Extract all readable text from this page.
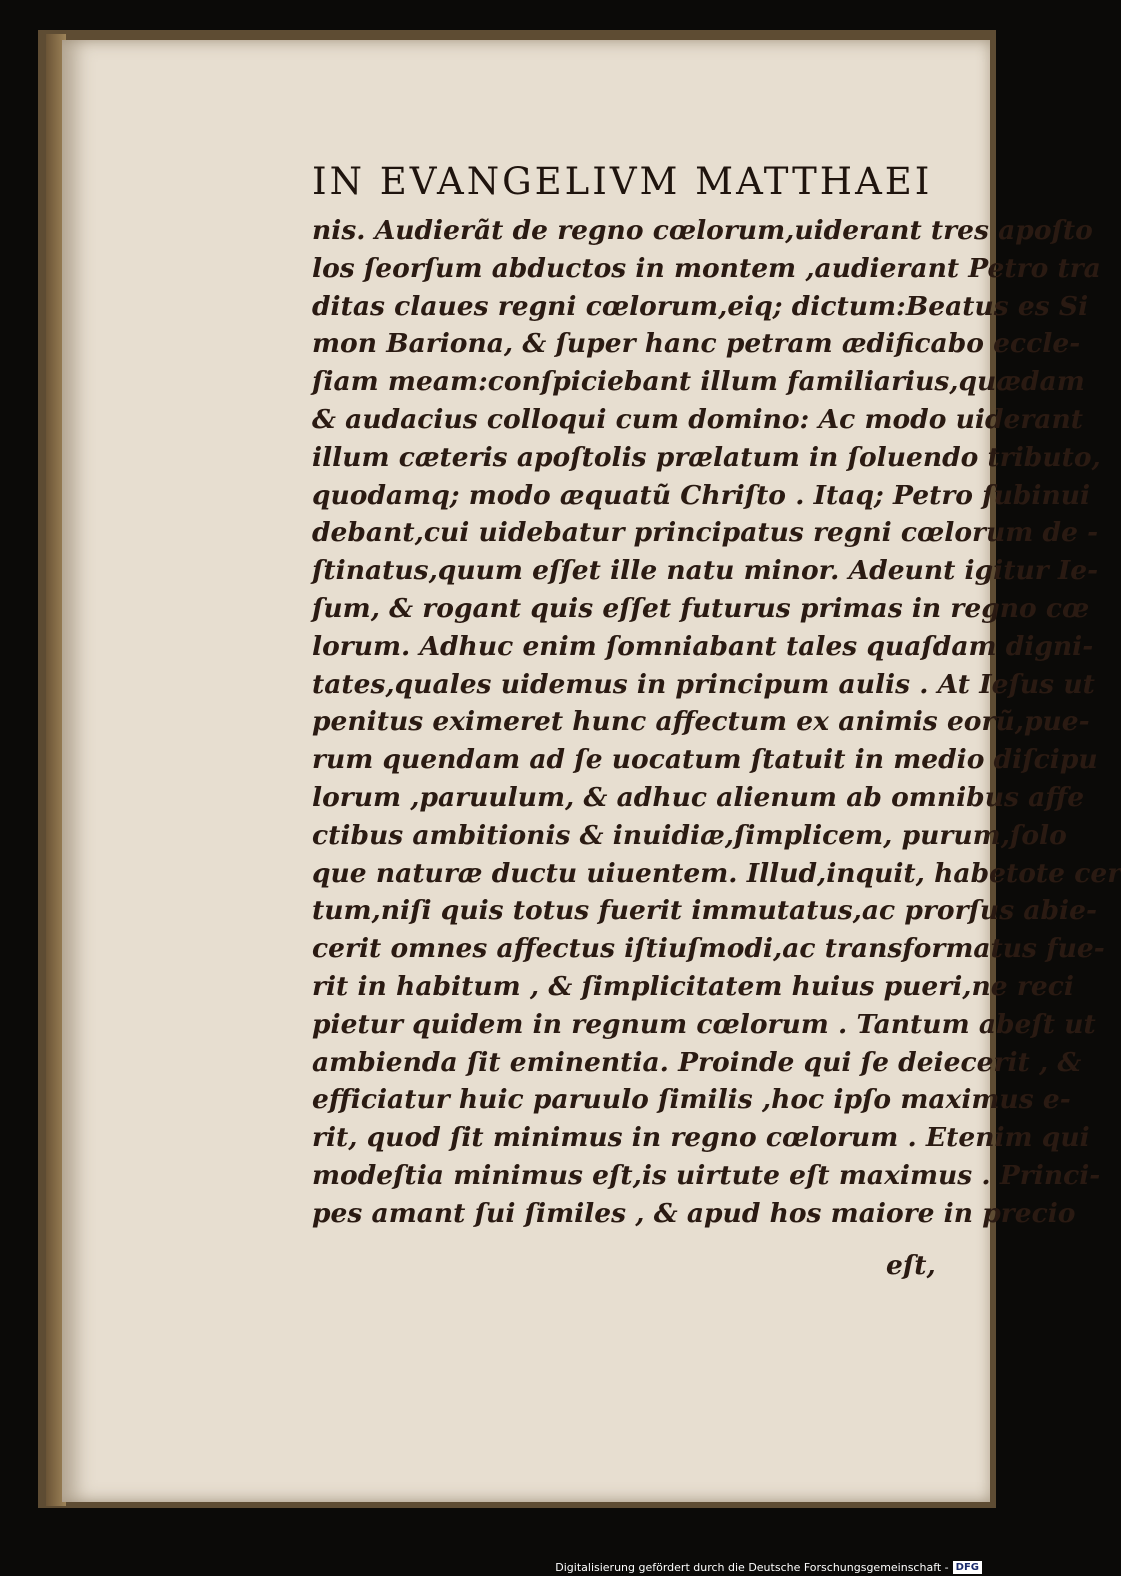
IN EVANGELIVM MATTHAEI
nis. Audierãt de regno cœlorum,uiderant tres apoſto
los ſeorſum abductos in montem ,audierant Petro tra
ditas claues regni cœlorum,eiq; dictum:Beatus es Si
mon Bariona, & ſuper hanc petram ædificabo eccle-
ſiam meam:conſpiciebant illum familiarius,quædam
& audacius colloqui cum domino: Ac modo uiderant
illum cæteris apoſtolis prælatum in ſoluendo tributo,
quodamq; modo æquatũ Chriſto . Itaq; Petro ſubinui
debant,cui uidebatur principatus regni cœlorum de -
ſtinatus,quum eſſet ille natu minor. Adeunt igitur Ie-
ſum, & rogant quis eſſet futurus primas in regno cœ
lorum. Adhuc enim ſomniabant tales quaſdam digni-
tates,quales uidemus in principum aulis . At Ieſus ut
penitus eximeret hunc affectum ex animis eorũ,pue-
rum quendam ad ſe uocatum ſtatuit in medio diſcipu
lorum ,paruulum, & adhuc alienum ab omnibus affe
ctibus ambitionis & inuidiæ,ſimplicem, purum,ſolo
que naturæ ductu uiuentem. Illud,inquit, habetote cer
tum,niſi quis totus fuerit immutatus,ac prorſus abie-
cerit omnes affectus iſtiuſmodi,ac transformatus fue-
rit in habitum , & ſimplicitatem huius pueri,ne reci
pietur quidem in regnum cœlorum . Tantum abeſt ut
ambienda ſit eminentia. Proinde qui ſe deiecerit , &
efficiatur huic paruulo ſimilis ,hoc ipſo maximus e-
rit, quod ſit minimus in regno cœlorum . Etenim qui
modeſtia minimus eſt,is uirtute eſt maximus . Princi-
pes amant ſui ſimiles , & apud hos maiore in precio
eſt,
Digitalisierung gefördert durch die Deutsche Forschungsgemeinschaft - DFG
